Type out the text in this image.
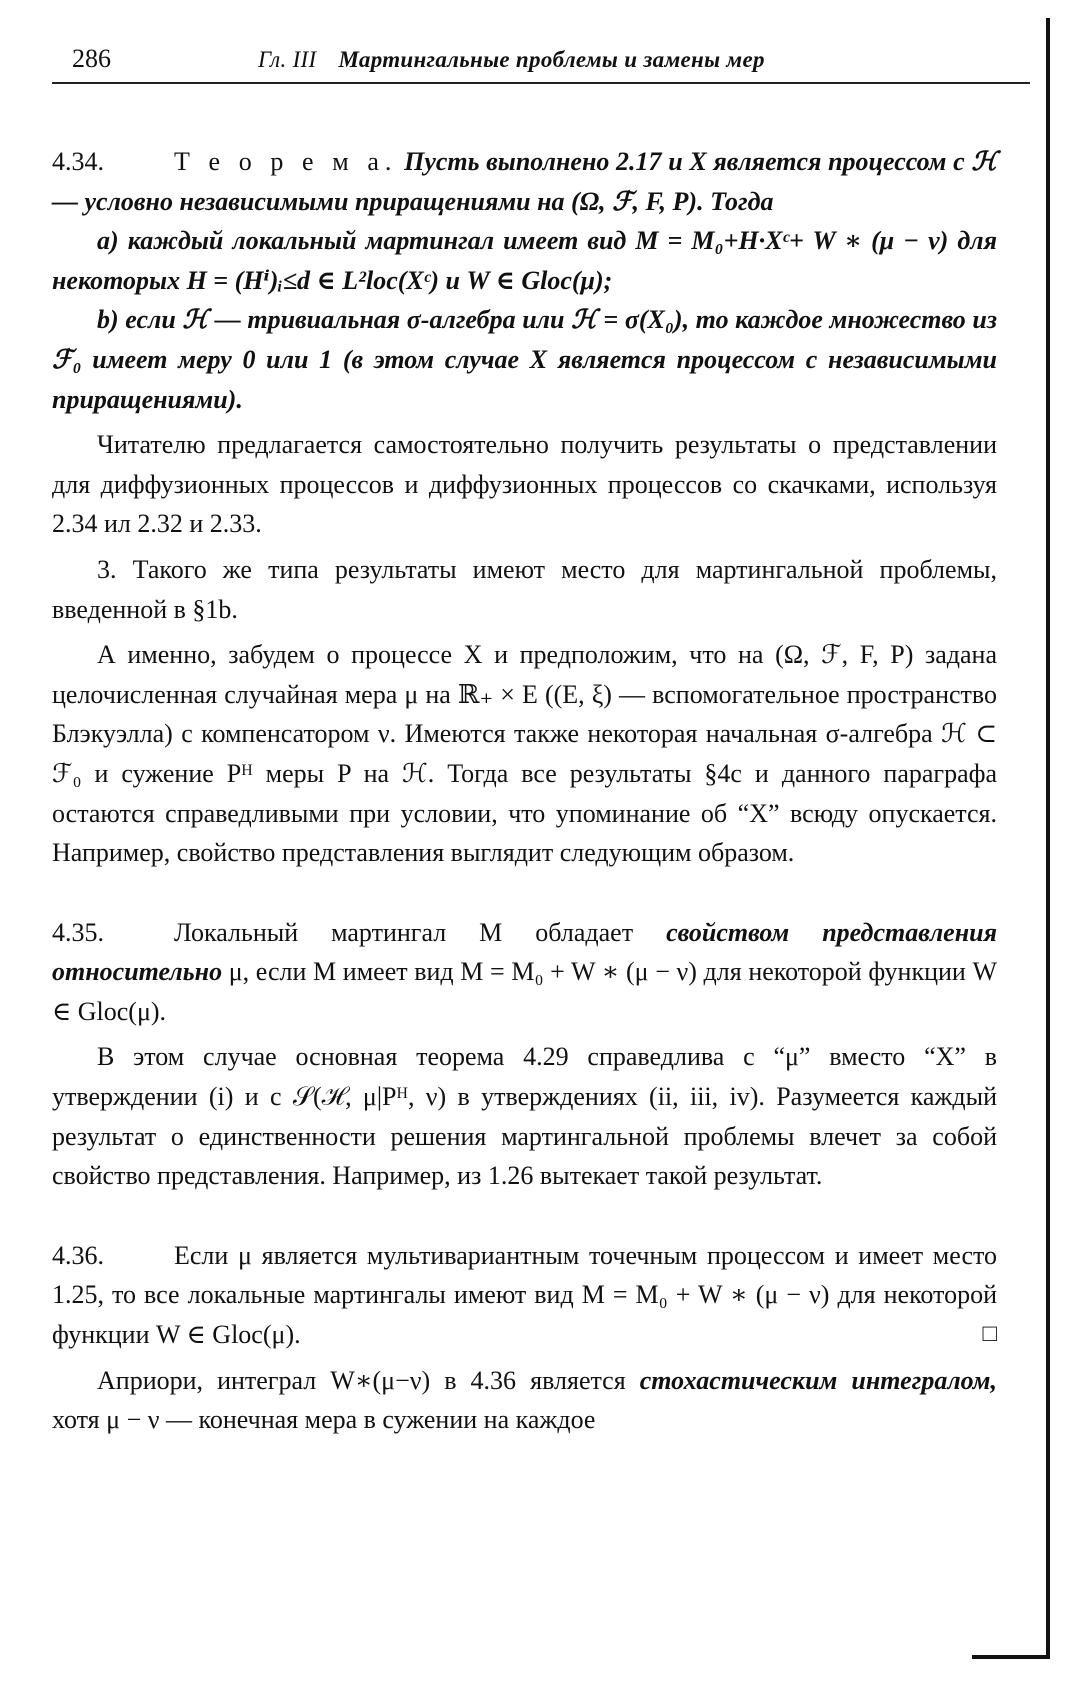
286	Гл. III Мартингальные проблемы и замены мер

4.34.	Т е о р е м а. Пусть выполнено 2.17 и X является процессом с ℋ — условно независимыми приращениями на (Ω, ℱ, F, P). Тогда

а) каждый локальный мартингал имеет вид M = M₀+H·Xᶜ+ W ∗ (μ − ν) для некоторых H = (Hⁱ)ᵢ≤d ∈ L²loc(Xᶜ) и W ∈ Gloc(μ);

b) если ℋ — тривиальная σ-алгебра или ℋ = σ(X₀), то каждое множество из ℱ₀ имеет меру 0 или 1 (в этом случае X является процессом с независимыми приращениями).

Читателю предлагается самостоятельно получить результаты о представлении для диффузионных процессов и диффузионных процессов со скачками, используя 2.34 ил 2.32 и 2.33.

3. Такого же типа результаты имеют место для мартингальной проблемы, введенной в §1b.

А именно, забудем о процессе X и предположим, что на (Ω, ℱ, F, P) задана целочисленная случайная мера μ на ℝ₊ × E ((E, ξ) — вспомогательное пространство Блэкуэлла) с компенсатором ν. Имеются также некоторая начальная σ-алгебра ℋ ⊂ ℱ₀ и сужение Pᴴ меры P на ℋ. Тогда все результаты §4c и данного параграфа остаются справедливыми при условии, что упоминание об “X” всюду опускается. Например, свойство представления выглядит следующим образом.

4.35.	Локальный мартингал M обладает свойством представления относительно μ, если M имеет вид M = M₀ + W ∗ (μ − ν) для некоторой функции W ∈ Gloc(μ).

В этом случае основная теорема 4.29 справедлива с “μ” вместо “X” в утверждении (i) и с 𝒮(ℋ, μ|Pᴴ, ν) в утверждениях (ii, iii, iv). Разумеется каждый результат о единственности решения мартингальной проблемы влечет за собой свойство представления. Например, из 1.26 вытекает такой результат.

4.36.	Если μ является мультивариантным точечным процессом и имеет место 1.25, то все локальные мартингалы имеют вид M = M₀ + W ∗ (μ − ν) для некоторой функции W ∈ Gloc(μ).	□

Априори, интеграл W∗(μ−ν) в 4.36 является стохастическим интегралом, хотя μ − ν — конечная мера в сужении на каждое
